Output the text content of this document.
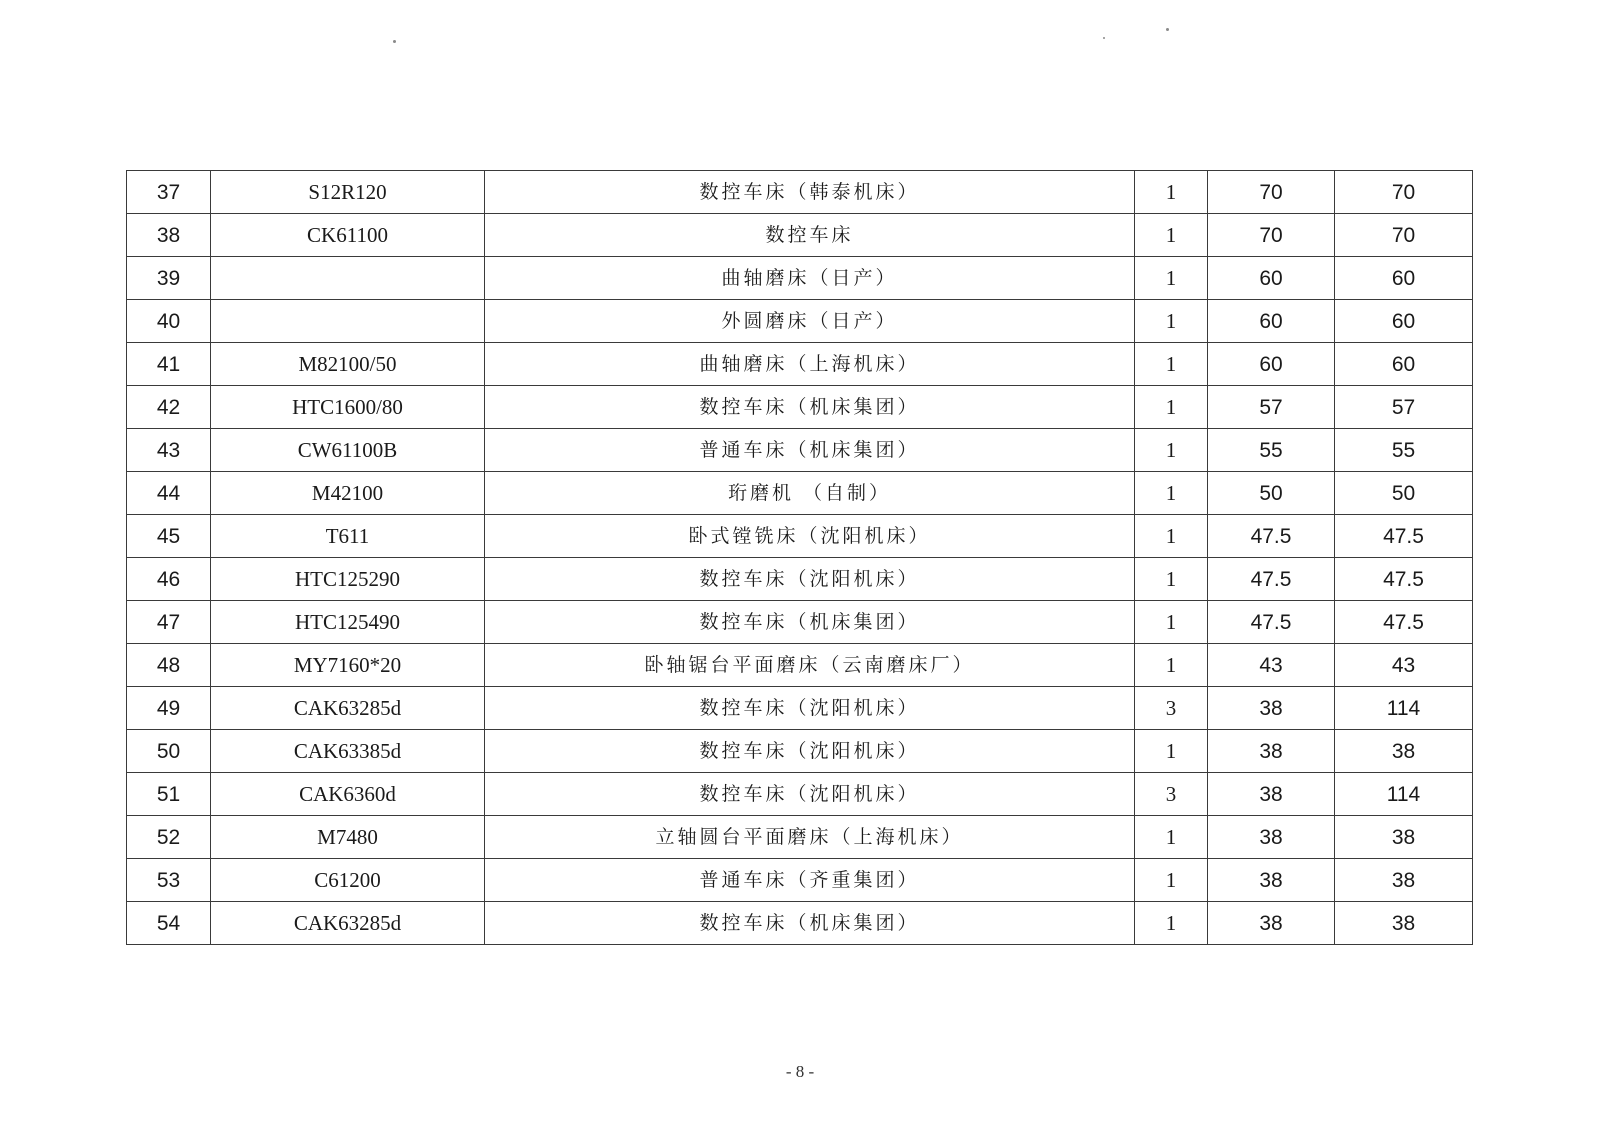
37	S12R120	数控车床（韩泰机床）	1	70	70
38	CK61100	数控车床	1	70	70
39		曲轴磨床（日产）	1	60	60
40		外圆磨床（日产）	1	60	60
41	M82100/50	曲轴磨床（上海机床）	1	60	60
42	HTC1600/80	数控车床（机床集团）	1	57	57
43	CW61100B	普通车床（机床集团）	1	55	55
44	M42100	珩磨机 （自制）	1	50	50
45	T611	卧式镗铣床（沈阳机床）	1	47.5	47.5
46	HTC125290	数控车床（沈阳机床）	1	47.5	47.5
47	HTC125490	数控车床（机床集团）	1	47.5	47.5
48	MY7160*20	卧轴锯台平面磨床（云南磨床厂）	1	43	43
49	CAK63285d	数控车床（沈阳机床）	3	38	114
50	CAK63385d	数控车床（沈阳机床）	1	38	38
51	CAK6360d	数控车床（沈阳机床）	3	38	114
52	M7480	立轴圆台平面磨床（上海机床）	1	38	38
53	C61200	普通车床（齐重集团）	1	38	38
54	CAK63285d	数控车床（机床集团）	1	38	38
- 8 -
